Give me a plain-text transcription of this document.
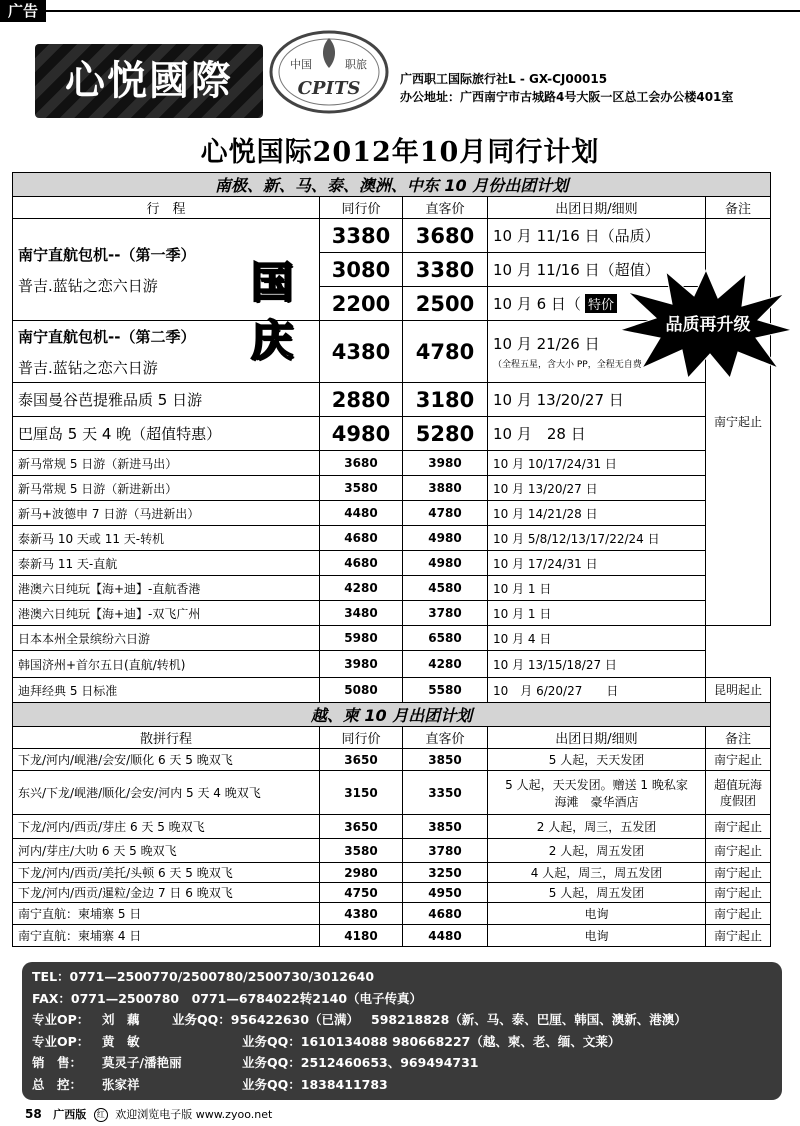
广告
心悦國際	中国	职旅
CPITS	广西职工国际旅行社L - GX-CJ00015
办公地址：广西南宁市古城路4号大阪一区总工会办公楼401室
心悦国际2012年10月同行计划
南极、新、马、泰、澳洲、中东 10 月份出团计划				
行　程	同行价	直客价	出团日期/细则	备注

南宁直航包机--（第一季）
普吉.蓝钻之恋六日游	3380	3680	10 月 11/16 日（品质）	南宁起止
	3080	3380	10 月 11/16 日（超值）	
	2200	2500	10 月 6 日（ 特价	

南宁直航包机--（第二季）
普吉.蓝钻之恋六日游	4380	4780	10 月 21/26 日
（全程五星，含大小 PP，全程无自费	

泰国曼谷芭提雅品质 5 日游	2880	3180	10 月 13/20/27 日	
巴厘岛 5 天 4 晚（超值特惠）	4980	5280	10 月　28 日	
新马常规 5 日游（新进马出）	3680	3980	10 月 10/17/24/31 日	
新马常规 5 日游（新进新出）	3580	3880	10 月 13/20/27 日	
新马+波德申 7 日游（马进新出）	4480	4780	10 月 14/21/28 日	
泰新马 10 天或 11 天-转机	4680	4980	10 月 5/8/12/13/17/22/24 日	
泰新马 11 天-直航	4680	4980	10 月 17/24/31 日	
港澳六日纯玩【海+迪】-直航香港	4280	4580	10 月 1 日	
港澳六日纯玩【海+迪】-双飞广州	3480	3780	10 月 1 日	
日本本州全景缤纷六日游	5980	6580	10 月 4 日	
韩国济州+首尔五日(直航/转机)	3980	4280	10 月 13/15/18/27 日	
迪拜经典 5 日标准	5080	5580	10　月 6/20/27　　日	昆明起止
越、柬 10 月出团计划				
散拼行程	同行价	直客价	出团日期/细则	备注
下龙/河内/岘港/会安/顺化 6 天 5 晚双飞	3650	3850	5 人起，天天发团	南宁起止
东兴/下龙/岘港/顺化/会安/河内 5 天 4 晚双飞	3150	3350	5 人起，天天发团。赠送 1 晚私家
海滩　豪华酒店	超值玩海
度假团

下龙/河内/西贡/芽庄 6 天 5 晚双飞	3650	3850	2 人起，周三，五发团	南宁起止
河内/芽庄/大叻 6 天 5 晚双飞	3580	3780	2 人起，周五发团	南宁起止
下龙/河内/西贡/美托/头顿 6 天 5 晚双飞	2980	3250	4 人起，周三，周五发团	南宁起止
下龙/河内/西贡/暹粒/金边 7 日 6 晚双飞	4750	4950	5 人起，周五发团	南宁起止
南宁直航：柬埔寨 5 日	4380	4680	电询	南宁起止
南宁直航：柬埔寨 4 日	4180	4480	电询	南宁起止
国
庆	品质再升级
TEL：0771—2500770/2500780/2500730/3012640
FAX：0771—2500780　0771—6784022转2140（电子传真）
专业OP： 刘　藕	业务QQ：956422630（已满） 598218828（新、马、泰、巴厘、韩国、澳新、港澳）
专业OP： 黄　敏	业务QQ：1610134088 980668227（越、柬、老、缅、文莱）
销　售： 莫灵子/潘艳丽	业务QQ：2512460653、969494731
总　控： 张家祥	业务QQ：1838411783
58 广西版 红 欢迎浏览电子版 www.zyoo.net
